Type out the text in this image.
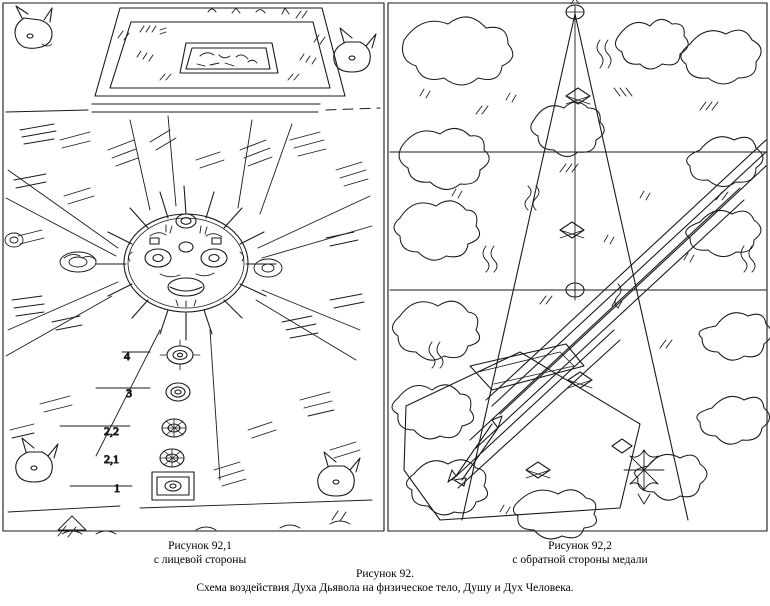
4
3
2,2
2,1
1
Рисунок 92,1
с лицевой стороны
Рисунок 92,2
с обратной стороны медали
Рисунок 92.
Схема воздействия Духа Дьявола на физическое тело, Душу и Дух Человека.
